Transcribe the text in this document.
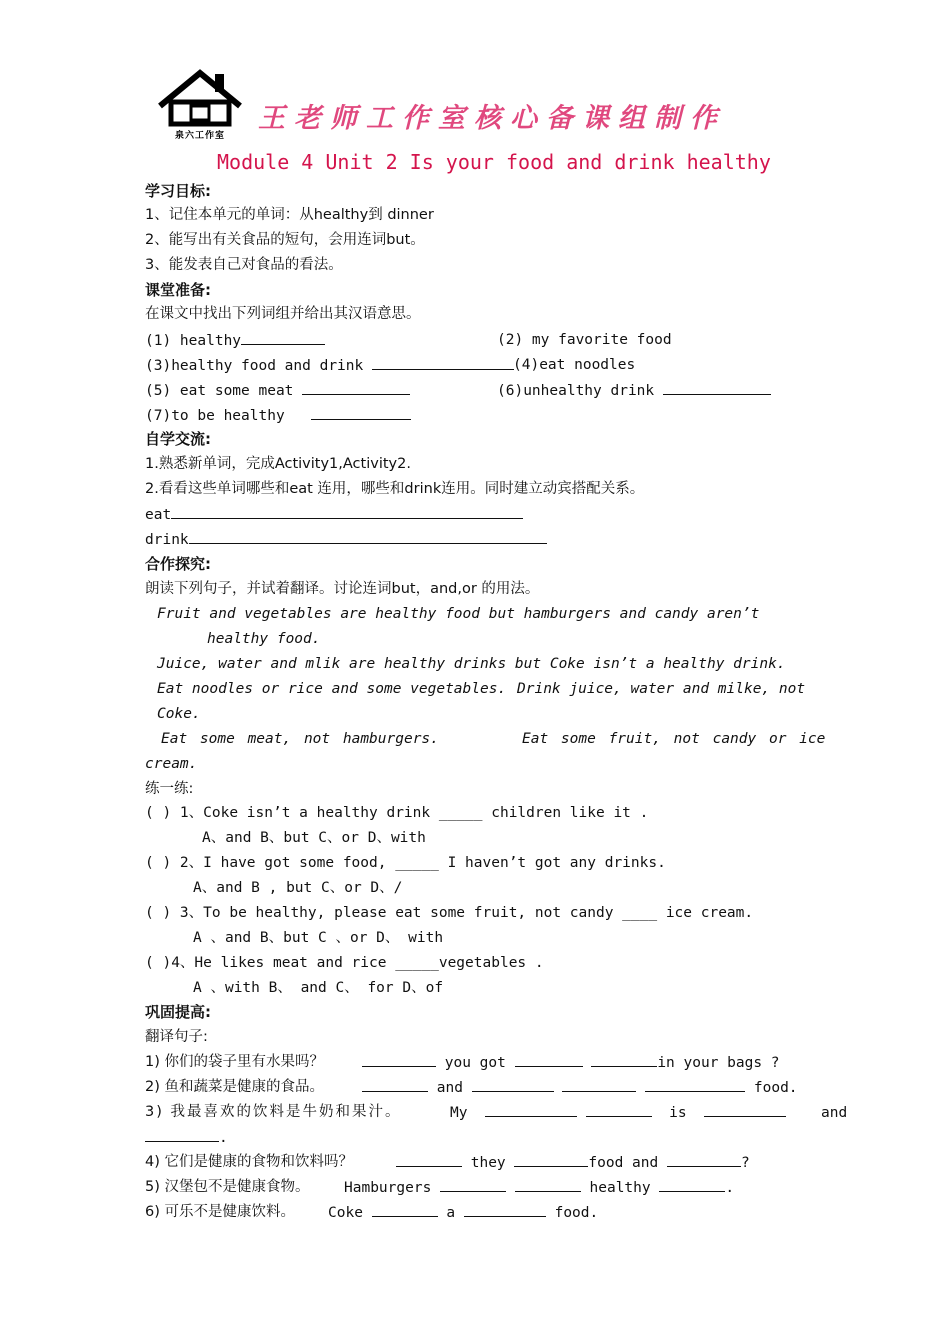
泉六工作室
王老师工作室核心备课组制作
Module 4 Unit 2 Is your food and drink healthy
学习目标:
1、记住本单元的单词：从healthy到 dinner
2、能写出有关食品的短句，会用连词but。
3、能发表自己对食品的看法。
课堂准备:
在课文中找出下列词组并给出其汉语意思。
(1) healthy	(2) my favorite food
(3)healthy food and drink	(4)eat noodles
(5) eat some meat	(6)unhealthy drink
(7)to be healthy
自学交流:
1.熟悉新单词，完成Activity1,Activity2.
2.看看这些单词哪些和eat 连用，哪些和drink连用。同时建立动宾搭配关系。
eat
drink
合作探究:
朗读下列句子，并试着翻译。讨论连词but，and,or 的用法。
Fruit and vegetables are healthy food but hamburgers and candy aren’t
healthy food.
Juice, water and mlik are healthy drinks but Coke isn’t a healthy drink.
Eat noodles or rice and some vegetables. Drink juice, water and milke, not
Coke.
Eat some meat, not hamburgers.	Eat some fruit, not candy or ice
cream.
练一练:
( ) 1、Coke isn’t a healthy drink _____ children like it .
A、and B、but C、or D、with
( ) 2、I have got some food, _____ I haven’t got any drinks.
A、and B , but C、or D、/
( ) 3、To be healthy, please eat some fruit, not candy ____ ice cream.
A 、and B、but C 、or D、 with
( )4、He likes meat and rice _____vegetables .
A 、with B、 and C、 for D、of
巩固提高:
翻译句子:
1) 你们的袋子里有水果吗？	you got	in your bags ?
2) 鱼和蔬菜是健康的食品。	and	food.
3) 我最喜欢的饮料是牛奶和果汁。	My	is	and
.
4) 它们是健康的食物和饮料吗？	they	food and	?
5) 汉堡包不是健康食物。 Hamburgers	healthy	.
6) 可乐不是健康饮料。 Coke	a	food.
